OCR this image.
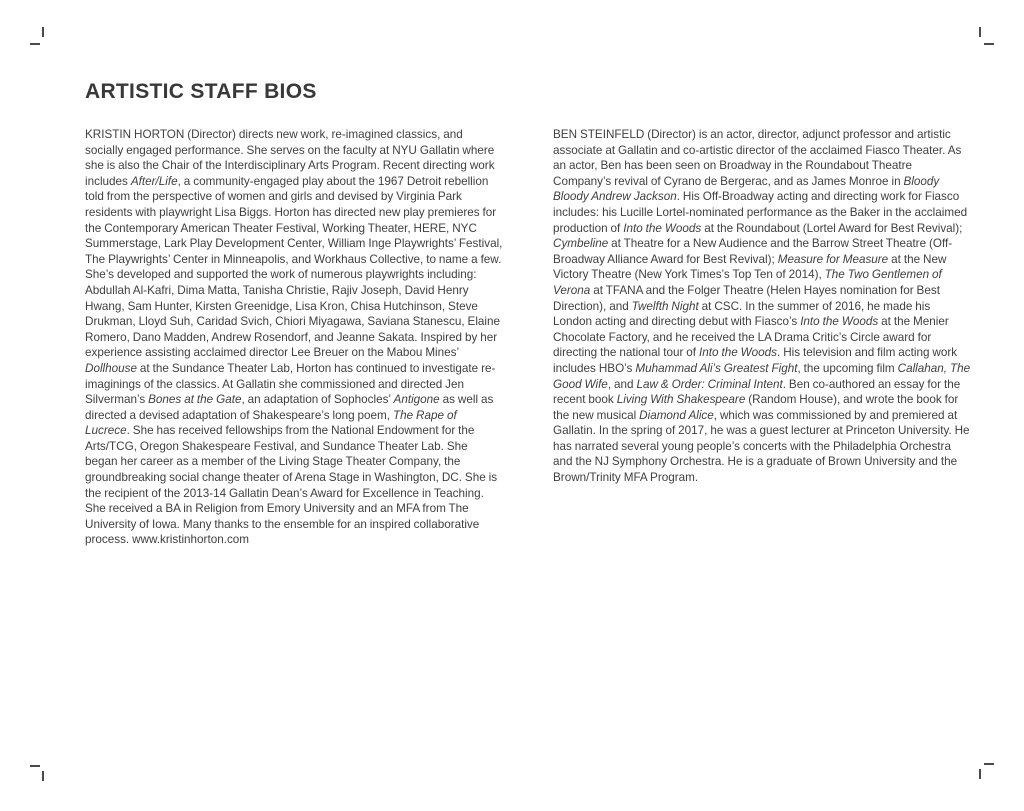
ARTISTIC STAFF BIOS
KRISTIN HORTON (Director) directs new work, re-imagined classics, and socially engaged performance. She serves on the faculty at NYU Gallatin where she is also the Chair of the Interdisciplinary Arts Program. Recent directing work includes After/Life, a community-engaged play about the 1967 Detroit rebellion told from the perspective of women and girls and devised by Virginia Park residents with playwright Lisa Biggs. Horton has directed new play premieres for the Contemporary American Theater Festival, Working Theater, HERE, NYC Summerstage, Lark Play Development Center, William Inge Playwrights’ Festival, The Playwrights’ Center in Minneapolis, and Workhaus Collective, to name a few. She’s developed and supported the work of numerous playwrights including: Abdullah Al-Kafri, Dima Matta, Tanisha Christie, Rajiv Joseph, David Henry Hwang, Sam Hunter, Kirsten Greenidge, Lisa Kron, Chisa Hutchinson, Steve Drukman, Lloyd Suh, Caridad Svich, Chiori Miyagawa, Saviana Stanescu, Elaine Romero, Dano Madden, Andrew Rosendorf, and Jeanne Sakata. Inspired by her experience assisting acclaimed director Lee Breuer on the Mabou Mines’ Dollhouse at the Sundance Theater Lab, Horton has continued to investigate re-imaginings of the classics. At Gallatin she commissioned and directed Jen Silverman’s Bones at the Gate, an adaptation of Sophocles’ Antigone as well as directed a devised adaptation of Shakespeare’s long poem, The Rape of Lucrece. She has received fellowships from the National Endowment for the Arts/TCG, Oregon Shakespeare Festival, and Sundance Theater Lab. She began her career as a member of the Living Stage Theater Company, the groundbreaking social change theater of Arena Stage in Washington, DC. She is the recipient of the 2013-14 Gallatin Dean’s Award for Excellence in Teaching. She received a BA in Religion from Emory University and an MFA from The University of Iowa. Many thanks to the ensemble for an inspired collaborative process. www.kristinhorton.com
BEN STEINFELD (Director) is an actor, director, adjunct professor and artistic associate at Gallatin and co-artistic director of the acclaimed Fiasco Theater. As an actor, Ben has been seen on Broadway in the Roundabout Theatre Company’s revival of Cyrano de Bergerac, and as James Monroe in Bloody Bloody Andrew Jackson. His Off-Broadway acting and directing work for Fiasco includes: his Lucille Lortel-nominated performance as the Baker in the acclaimed production of Into the Woods at the Roundabout (Lortel Award for Best Revival); Cymbeline at Theatre for a New Audience and the Barrow Street Theatre (Off-Broadway Alliance Award for Best Revival); Measure for Measure at the New Victory Theatre (New York Times’s Top Ten of 2014), The Two Gentlemen of Verona at TFANA and the Folger Theatre (Helen Hayes nomination for Best Direction), and Twelfth Night at CSC. In the summer of 2016, he made his London acting and directing debut with Fiasco’s Into the Woods at the Menier Chocolate Factory, and he received the LA Drama Critic’s Circle award for directing the national tour of Into the Woods. His television and film acting work includes HBO’s Muhammad Ali’s Greatest Fight, the upcoming film Callahan, The Good Wife, and Law & Order: Criminal Intent. Ben co-authored an essay for the recent book Living With Shakespeare (Random House), and wrote the book for the new musical Diamond Alice, which was commissioned by and premiered at Gallatin. In the spring of 2017, he was a guest lecturer at Princeton University. He has narrated several young people’s concerts with the Philadelphia Orchestra and the NJ Symphony Orchestra. He is a graduate of Brown University and the Brown/Trinity MFA Program.
